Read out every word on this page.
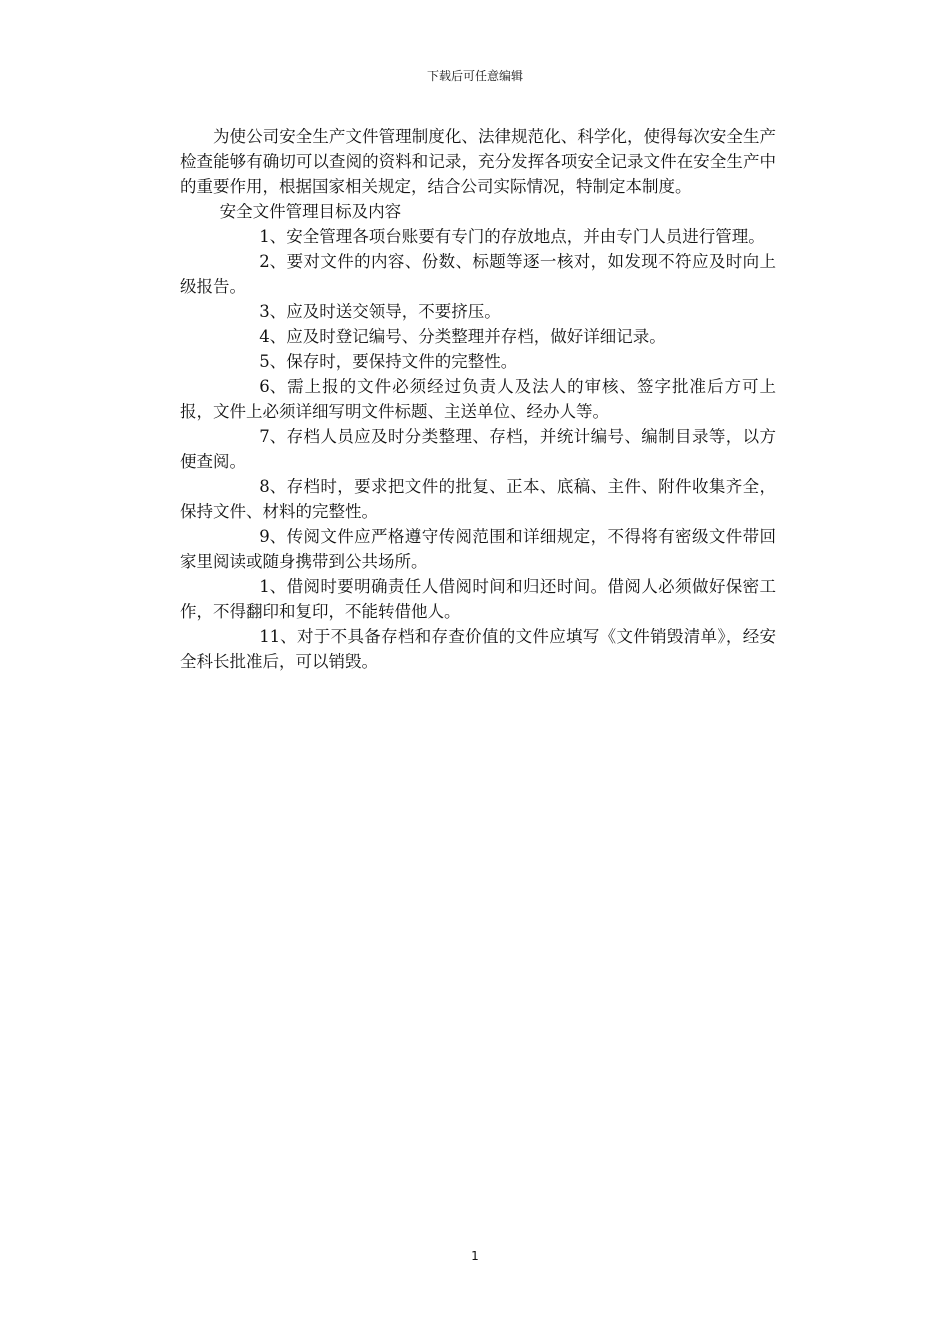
下载后可任意编辑

为使公司安全生产文件管理制度化、法律规范化、科学化，使得每次安全生产检查能够有确切可以查阅的资料和记录，充分发挥各项安全记录文件在安全生产中的重要作用，根据国家相关规定，结合公司实际情况，特制定本制度。

安全文件管理目标及内容

1、安全管理各项台账要有专门的存放地点，并由专门人员进行管理。

2、要对文件的内容、份数、标题等逐一核对，如发现不符应及时向上级报告。

3、应及时送交领导，不要挤压。

4、应及时登记编号、分类整理并存档，做好详细记录。

5、保存时，要保持文件的完整性。

6、需上报的文件必须经过负责人及法人的审核、签字批准后方可上报，文件上必须详细写明文件标题、主送单位、经办人等。

7、存档人员应及时分类整理、存档，并统计编号、编制目录等，以方便查阅。

8、存档时，要求把文件的批复、正本、底稿、主件、附件收集齐全，保持文件、材料的完整性。

9、传阅文件应严格遵守传阅范围和详细规定，不得将有密级文件带回家里阅读或随身携带到公共场所。

1、借阅时要明确责任人借阅时间和归还时间。借阅人必须做好保密工作，不得翻印和复印，不能转借他人。

11、对于不具备存档和存查价值的文件应填写《文件销毁清单》，经安全科长批准后，可以销毁。

1
